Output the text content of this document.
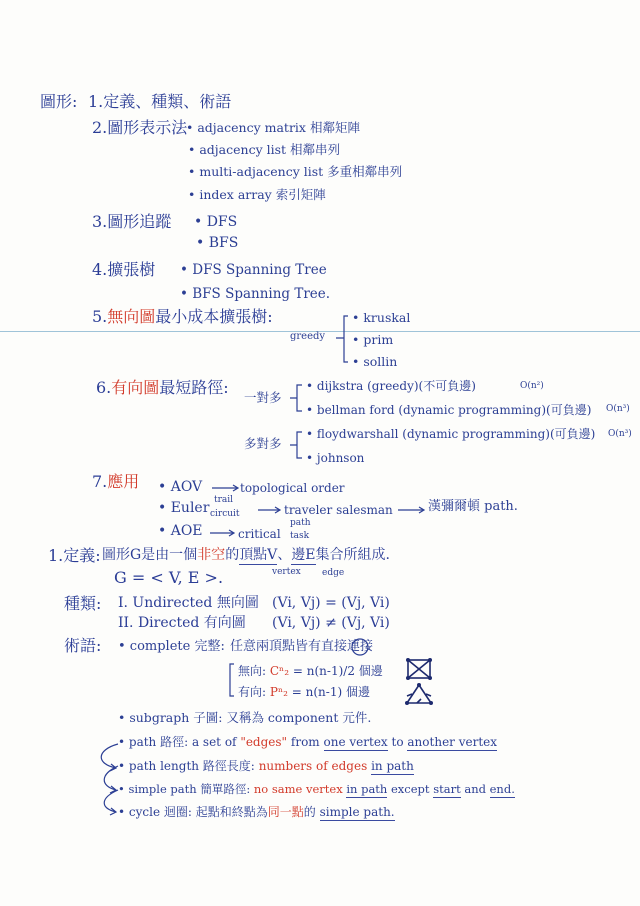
圖形: 1.定義、種類、術語
2.圖形表示法
• adjacency matrix 相鄰矩陣
• adjacency list 相鄰串列
• multi-adjacency list 多重相鄰串列
• index array 索引矩陣
3.圖形追蹤 • DFS
• BFS
4.擴張樹 • DFS Spanning Tree
• BFS Spanning Tree.
5.無向圖最小成本擴張樹:
greedy
• kruskal
• prim
• sollin
6.有向圖最短路徑:
一對多
• dijkstra (greedy)(不可負邊)	O(n²)
• bellman ford (dynamic programming)(可負邊) O(n³)
多對多
• floydwarshall (dynamic programming)(可負邊) O(n³)
• johnson
7.應用 • AOV	topological order
• Euler trail
circuit	traveler salesman	漢彌爾頓 path.
• AOE	critical
path
task
1.定義: 圖形G是由一個非空的頂點V、邊E集合所組成.
vertex edge
G = < V, E >.
種類: I. Undirected 無向圖 (Vi, Vj) = (Vj, Vi)
II. Directed 有向圖 (Vi, Vj) ≠ (Vj, Vi)
術語: • complete 完整: 任意兩頂點皆有直接連接
無向: Cⁿ₂ = n(n-1)/2 個邊
有向: Pⁿ₂ = n(n-1) 個邊
• subgraph 子圖: 又稱為 component 元件.
• path 路徑: a set of "edges" from one vertex to another vertex
• path length 路徑長度: numbers of edges in path
• simple path 簡單路徑: no same vertex in path except start and end.
• cycle 迴圈: 起點和終點為同一點的 simple path.
